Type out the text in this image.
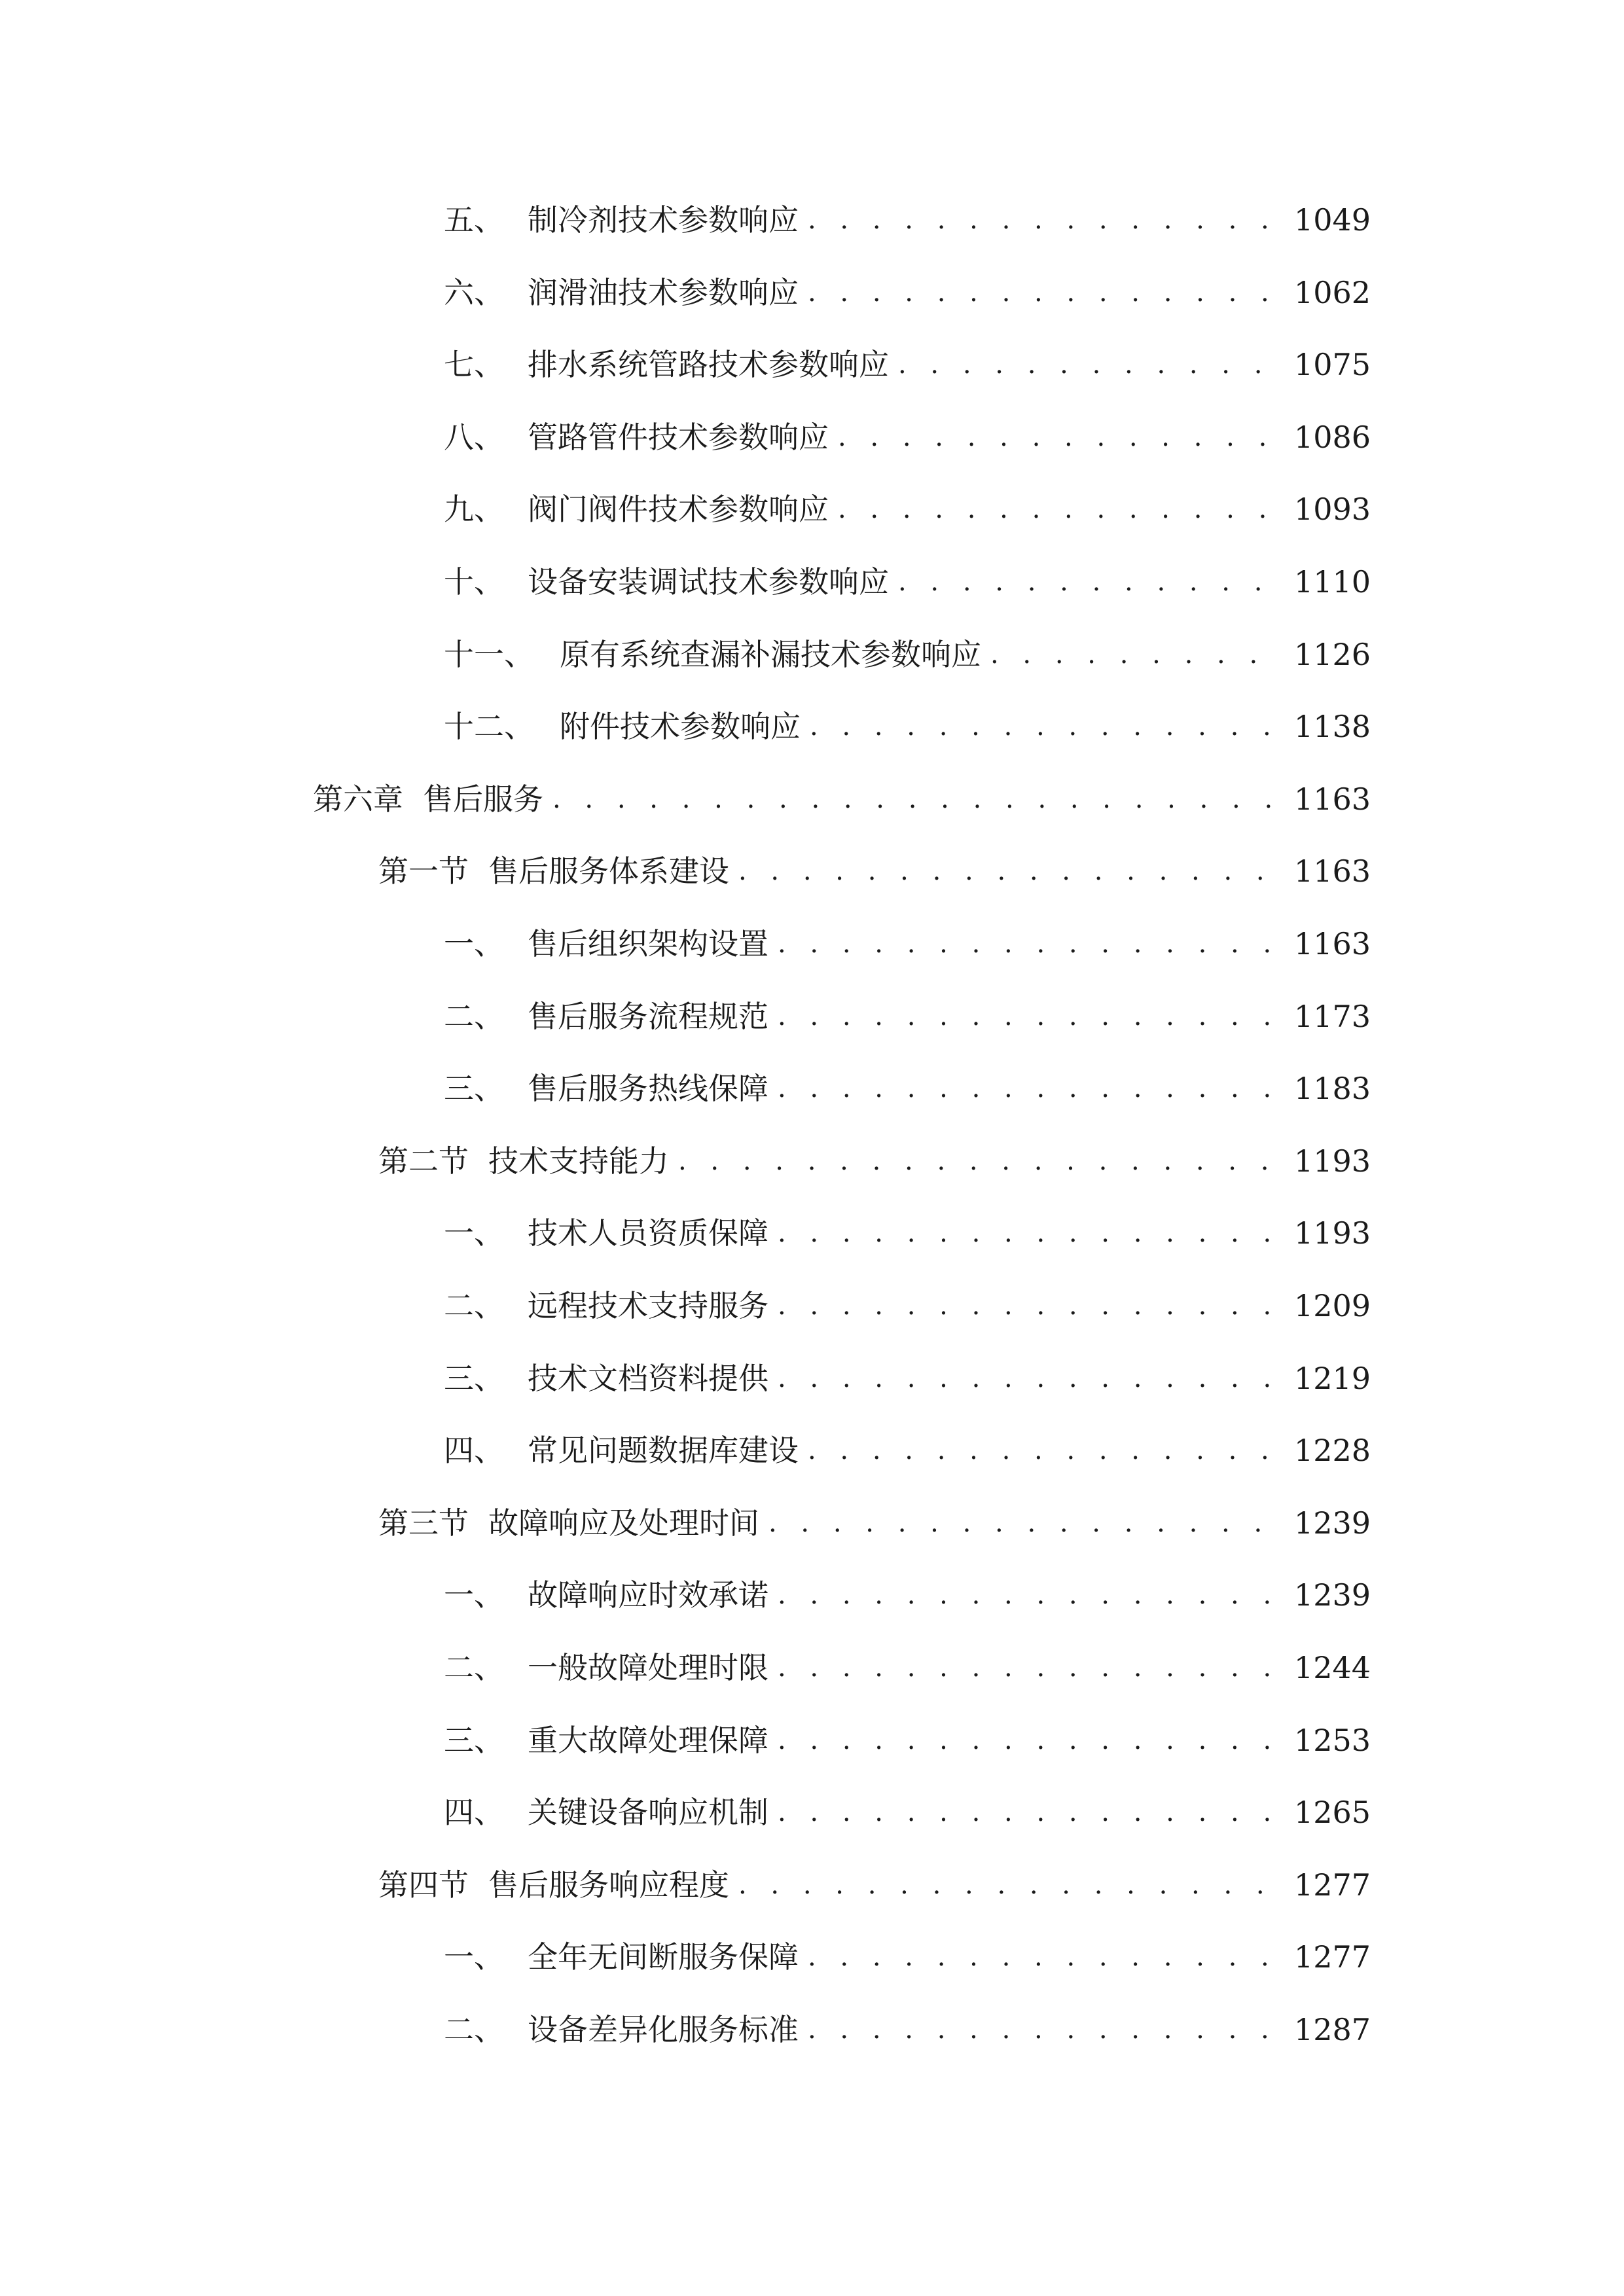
五、 制冷剂技术参数响应 . . .	1049
六、 润滑油技术参数响应 . . .	1062
七、 排水系统管路技术参数响应 . . .	1075
八、 管路管件技术参数响应 . . .	1086
九、 阀门阀件技术参数响应 . . .	1093
十、 设备安装调试技术参数响应 . . .	1110
十一、 原有系统查漏补漏技术参数响应 . . .	1126
十二、 附件技术参数响应 . . .	1138
第六章 售后服务 . . .	1163
第一节 售后服务体系建设 . . .	1163
一、 售后组织架构设置 . . .	1163
二、 售后服务流程规范 . . .	1173
三、 售后服务热线保障 . . .	1183
第二节 技术支持能力 . . .	1193
一、 技术人员资质保障 . . .	1193
二、 远程技术支持服务 . . .	1209
三、 技术文档资料提供 . . .	1219
四、 常见问题数据库建设 . . .	1228
第三节 故障响应及处理时间 . . .	1239
一、 故障响应时效承诺 . . .	1239
二、 一般故障处理时限 . . .	1244
三、 重大故障处理保障 . . .	1253
四、 关键设备响应机制 . . .	1265
第四节 售后服务响应程度 . . .	1277
一、 全年无间断服务保障 . . .	1277
二、 设备差异化服务标准 . . .	1287
